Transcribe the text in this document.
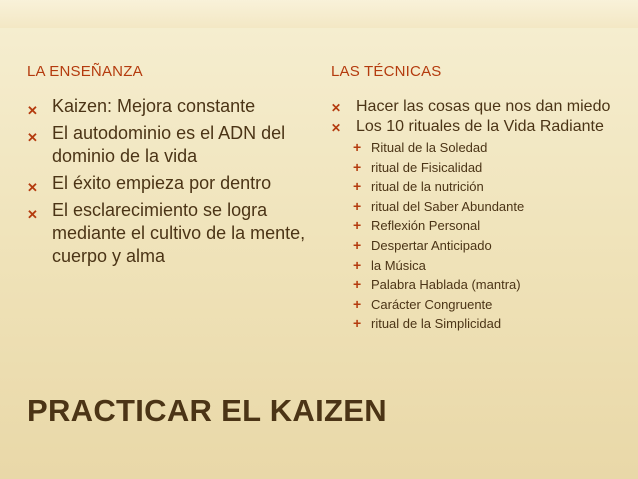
LA ENSEÑANZA	LAS TÉCNICAS
✕ Kaizen: Mejora constante
✕ El autodominio es el ADN del dominio de la vida
✕ El éxito empieza por dentro
✕ El esclarecimiento se logra mediante el cultivo de la mente, cuerpo y alma
✕ Hacer las cosas que nos dan miedo
✕ Los 10 rituales de la Vida Radiante
+ Ritual de la Soledad
+ ritual de Fisicalidad
+ ritual de la nutrición
+ ritual del Saber Abundante
+ Reflexión Personal
+ Despertar Anticipado
+ la Música
+ Palabra Hablada (mantra)
+ Carácter Congruente
+ ritual de la Simplicidad
PRACTICAR EL KAIZEN
